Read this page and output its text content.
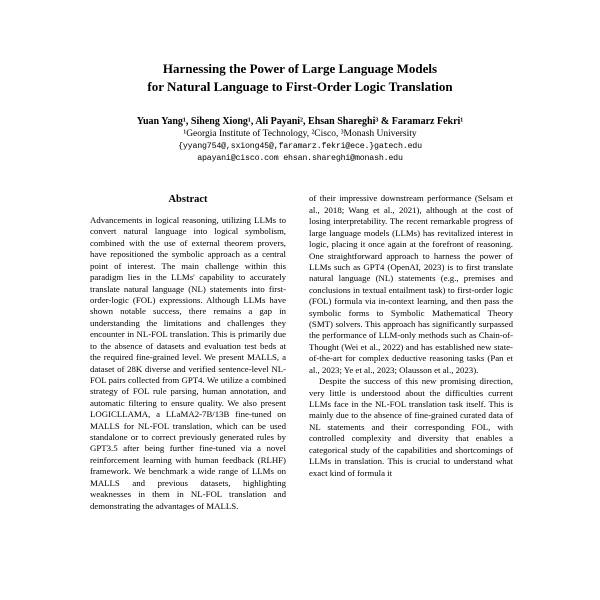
Harnessing the Power of Large Language Models
for Natural Language to First-Order Logic Translation

Yuan Yang¹, Siheng Xiong¹, Ali Payani², Ehsan Shareghi³ & Faramarz Fekri¹

¹Georgia Institute of Technology, ²Cisco, ³Monash University

{yyang754@,sxiong45@,faramarz.fekri@ece.}gatech.edu

apayani@cisco.com ehsan.shareghi@monash.edu

Abstract

Advancements in logical reasoning, utilizing LLMs to convert natural language into logical symbolism, combined with the use of external theorem provers, have repositioned the symbolic approach as a central point of interest. The main challenge within this paradigm lies in the LLMs' capability to accurately translate natural language (NL) statements into first-order-logic (FOL) expressions. Although LLMs have shown notable success, there remains a gap in understanding the limitations and challenges they encounter in NL-FOL translation. This is primarily due to the absence of datasets and evaluation test beds at the required fine-grained level. We present MALLS, a dataset of 28K diverse and verified sentence-level NL-FOL pairs collected from GPT4. We utilize a combined strategy of FOL rule parsing, human annotation, and automatic filtering to ensure quality. We also present LOGICLLAMA, a LLaMA2-7B/13B fine-tuned on MALLS for NL-FOL translation, which can be used standalone or to correct previously generated rules by GPT3.5 after being further fine-tuned via a novel reinforcement learning with human feedback (RLHF) framework. We benchmark a wide range of LLMs on MALLS and previous datasets, highlighting weaknesses in them in NL-FOL translation and demonstrating the advantages of MALLS.

of their impressive downstream performance (Selsam et al., 2018; Wang et al., 2021), although at the cost of losing interpretability. The recent remarkable progress of large language models (LLMs) has revitalized interest in logic, placing it once again at the forefront of reasoning. One straightforward approach to harness the power of LLMs such as GPT4 (OpenAI, 2023) is to first translate natural language (NL) statements (e.g., premises and conclusions in textual entailment task) to first-order logic (FOL) formula via in-context learning, and then pass the symbolic forms to Symbolic Mathematical Theory (SMT) solvers. This approach has significantly surpassed the performance of LLM-only methods such as Chain-of-Thought (Wei et al., 2022) and has established new state-of-the-art for complex deductive reasoning tasks (Pan et al., 2023; Ye et al., 2023; Olausson et al., 2023).

Despite the success of this new promising direction, very little is understood about the difficulties current LLMs face in the NL-FOL translation task itself. This is mainly due to the absence of fine-grained curated data of NL statements and their corresponding FOL, with controlled complexity and diversity that enables a categorical study of the capabilities and shortcomings of LLMs in translation. This is crucial to understand what exact kind of formula it
